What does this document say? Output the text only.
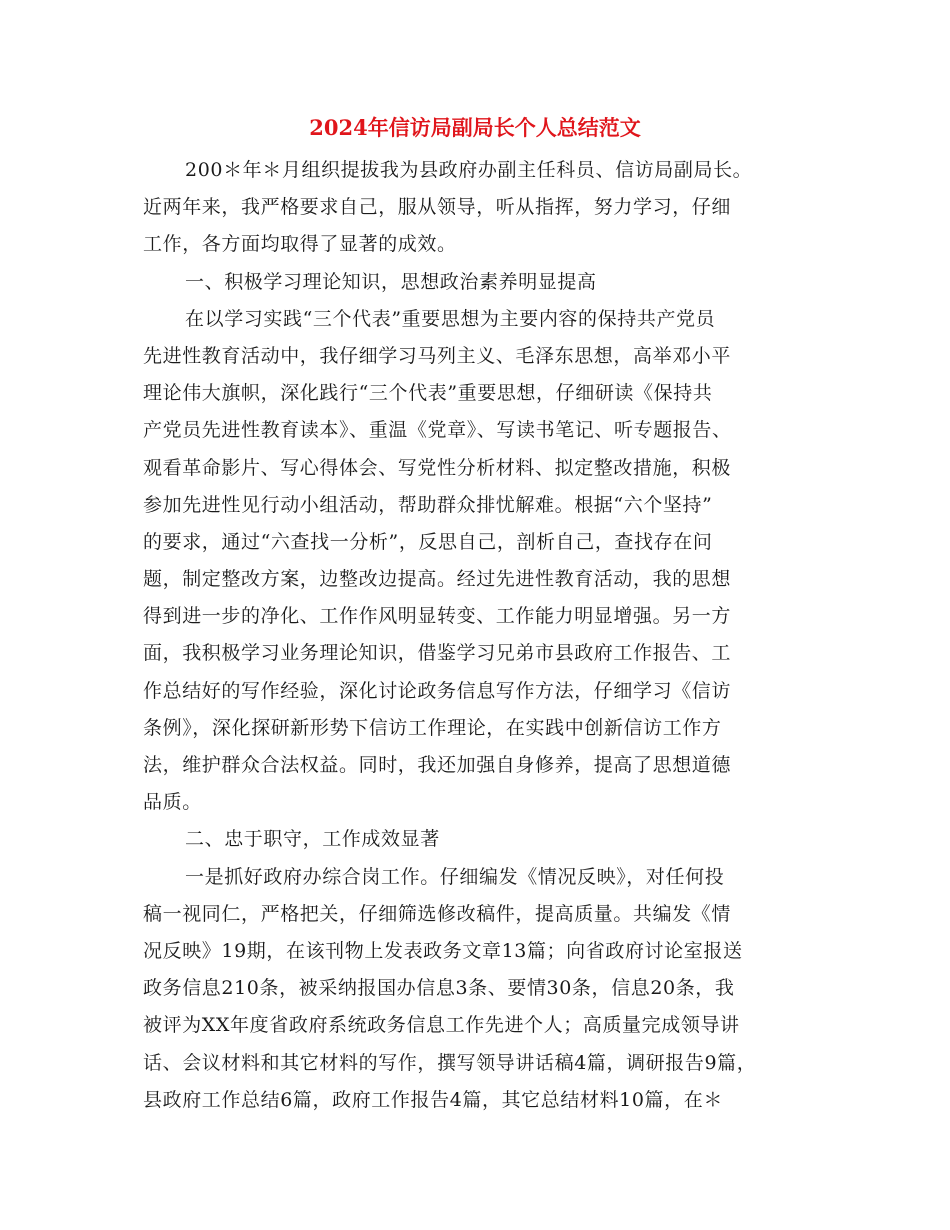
2024年信访局副局长个人总结范文
200＊年＊月组织提拔我为县政府办副主任科员、信访局副局长。
近两年来，我严格要求自己，服从领导，听从指挥，努力学习，仔细
工作，各方面均取得了显著的成效。
一、积极学习理论知识，思想政治素养明显提高
在以学习实践“三个代表”重要思想为主要内容的保持共产党员
先进性教育活动中，我仔细学习马列主义、毛泽东思想，高举邓小平
理论伟大旗帜，深化践行“三个代表”重要思想，仔细研读《保持共
产党员先进性教育读本》、重温《党章》、写读书笔记、听专题报告、
观看革命影片、写心得体会、写党性分析材料、拟定整改措施，积极
参加先进性见行动小组活动，帮助群众排忧解难。根据“六个坚持”
的要求，通过“六查找一分析”，反思自己，剖析自己，查找存在问
题，制定整改方案，边整改边提高。经过先进性教育活动，我的思想
得到进一步的净化、工作作风明显转变、工作能力明显增强。另一方
面，我积极学习业务理论知识，借鉴学习兄弟市县政府工作报告、工
作总结好的写作经验，深化讨论政务信息写作方法，仔细学习《信访
条例》，深化探研新形势下信访工作理论，在实践中创新信访工作方
法，维护群众合法权益。同时，我还加强自身修养，提高了思想道德
品质。
二、忠于职守，工作成效显著
一是抓好政府办综合岗工作。仔细编发《情况反映》，对任何投
稿一视同仁，严格把关，仔细筛选修改稿件，提高质量。共编发《情
况反映》19期，在该刊物上发表政务文章13篇；向省政府讨论室报送
政务信息210条，被采纳报国办信息3条、要情30条，信息20条，我
被评为XX年度省政府系统政务信息工作先进个人；高质量完成领导讲
话、会议材料和其它材料的写作，撰写领导讲话稿4篇，调研报告9篇，
县政府工作总结6篇，政府工作报告4篇，其它总结材料10篇，在＊
